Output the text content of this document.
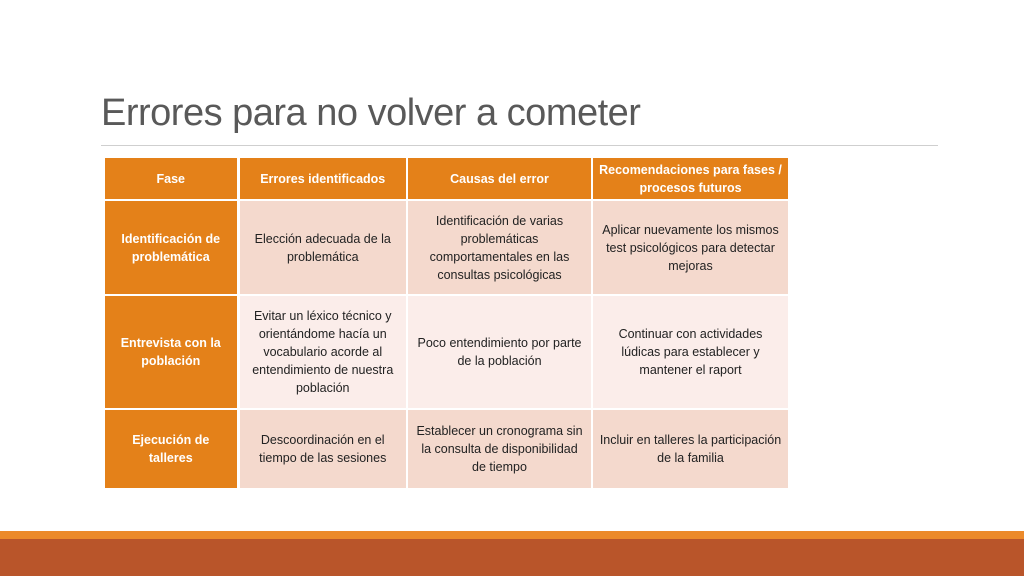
Errores para no volver a cometer
Fase	Errores identificados	Causas del error	Recomendaciones para fases / procesos futuros
Identificación de problemática	Elección adecuada de la problemática	Identificación de varias problemáticas comportamentales en las consultas psicológicas	Aplicar nuevamente los mismos test psicológicos para detectar mejoras
Entrevista con la población	Evitar un léxico técnico y orientándome hacía un vocabulario acorde al entendimiento de nuestra población	Poco entendimiento por parte de la población	Continuar con actividades lúdicas para establecer y mantener el raport
Ejecución de talleres	Descoordinación en el tiempo de las sesiones	Establecer un cronograma sin la consulta de disponibilidad de tiempo	Incluir en talleres la participación de la familia
